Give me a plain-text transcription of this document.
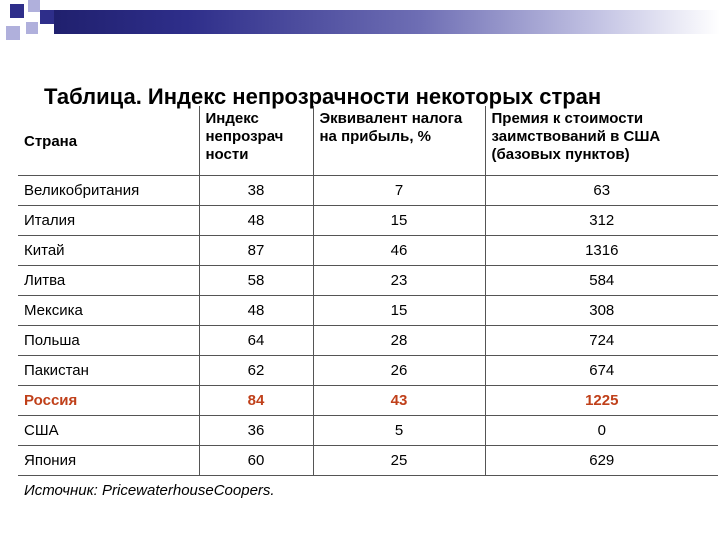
Таблица. Индекс непрозрачности некоторых стран
Страна	Индекс непрозрач ности	Эквивалент налога на прибыль, %	Премия к стоимости заимствований в США (базовых пунктов)
Великобритания	38	7	63
Италия	48	15	312
Китай	87	46	1316
Литва	58	23	584
Мексика	48	15	308
Польша	64	28	724
Пакистан	62	26	674
Россия	84	43	1225
США	36	5	0
Япония	60	25	629
Источник: PricewaterhouseCoopers.			
